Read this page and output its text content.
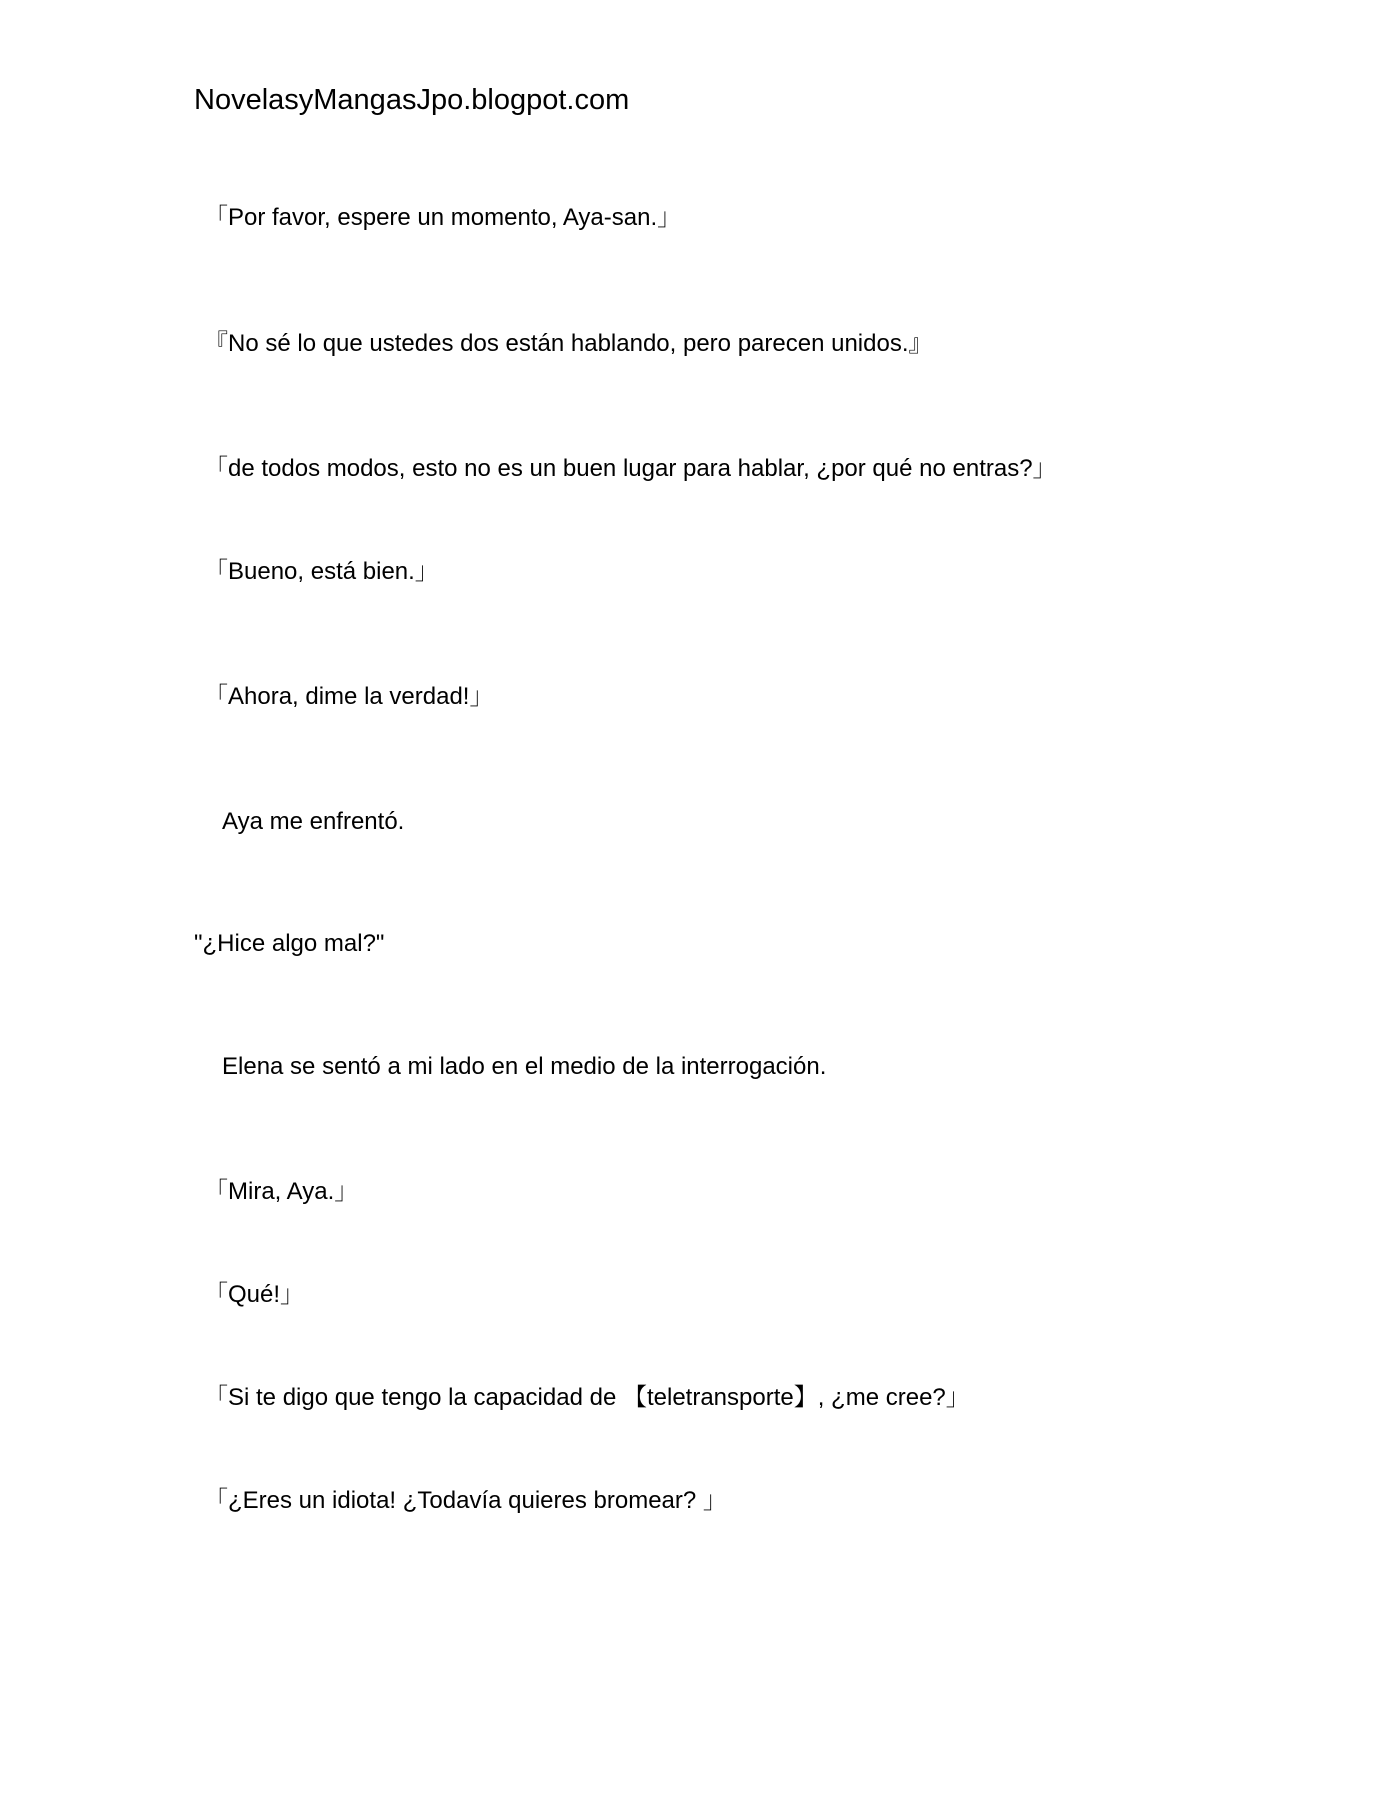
NovelasyMangasJpo.blogpot.com
「Por favor, espere un momento, Aya-san.」
『No sé lo que ustedes dos están hablando, pero parecen unidos.』
「de todos modos, esto no es un buen lugar para hablar, ¿por qué no entras?」
「Bueno, está bien.」
「Ahora, dime la verdad!」
Aya me enfrentó.
"¿Hice algo mal?"
Elena se sentó a mi lado en el medio de la interrogación.
「Mira, Aya.」
「Qué!」
「Si te digo que tengo la capacidad de 【teletransporte】, ¿me cree?」
「¿Eres un idiota! ¿Todavía quieres bromear? 」
